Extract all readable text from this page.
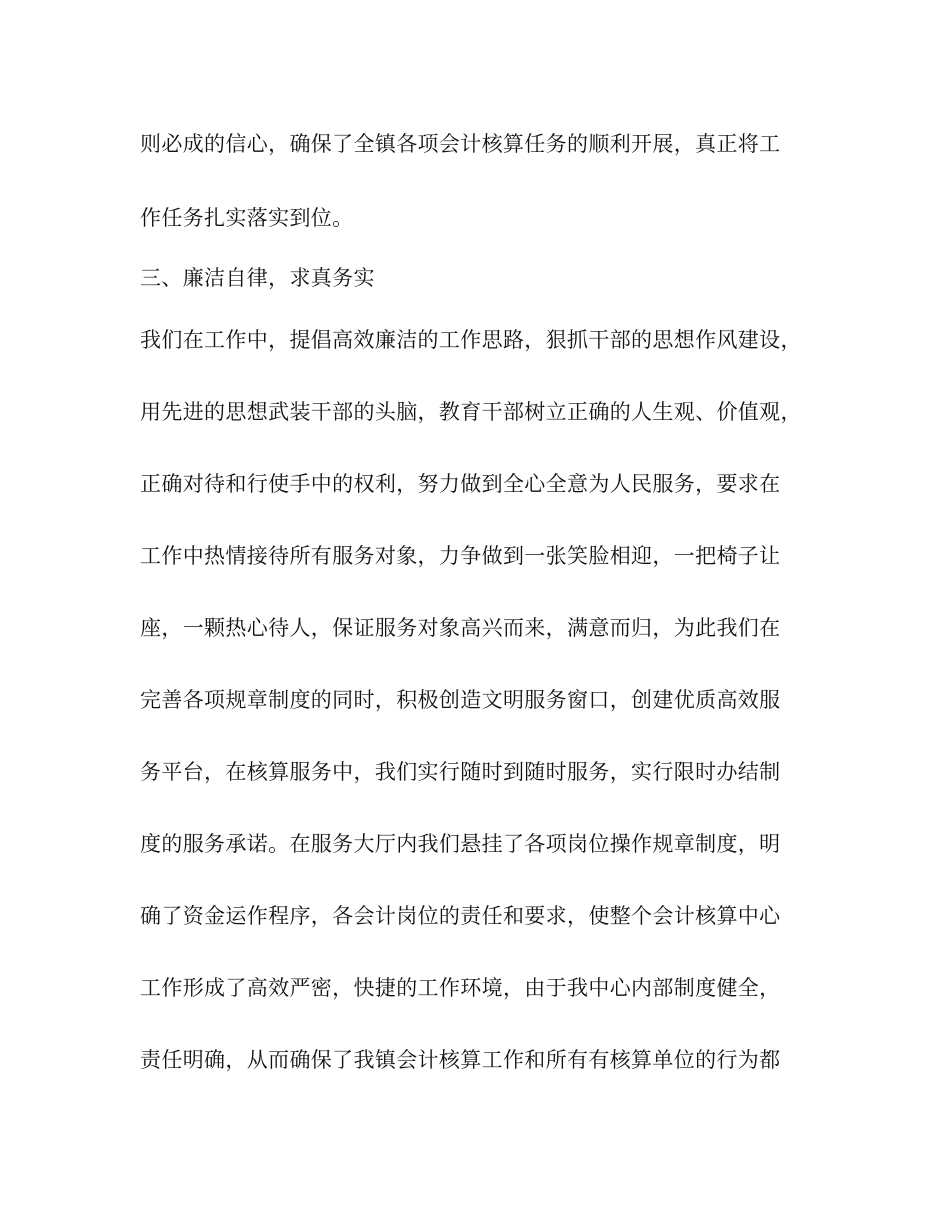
则必成的信心，确保了全镇各项会计核算任务的顺利开展，真正将工
作任务扎实落实到位。
三、廉洁自律，求真务实
我们在工作中，提倡高效廉洁的工作思路，狠抓干部的思想作风建设，
用先进的思想武装干部的头脑，教育干部树立正确的人生观、价值观，
正确对待和行使手中的权利，努力做到全心全意为人民服务，要求在
工作中热情接待所有服务对象，力争做到一张笑脸相迎，一把椅子让
座，一颗热心待人，保证服务对象高兴而来，满意而归，为此我们在
完善各项规章制度的同时，积极创造文明服务窗口，创建优质高效服
务平台，在核算服务中，我们实行随时到随时服务，实行限时办结制
度的服务承诺。在服务大厅内我们悬挂了各项岗位操作规章制度，明
确了资金运作程序，各会计岗位的责任和要求，使整个会计核算中心
工作形成了高效严密，快捷的工作环境，由于我中心内部制度健全，
责任明确，从而确保了我镇会计核算工作和所有有核算单位的行为都
